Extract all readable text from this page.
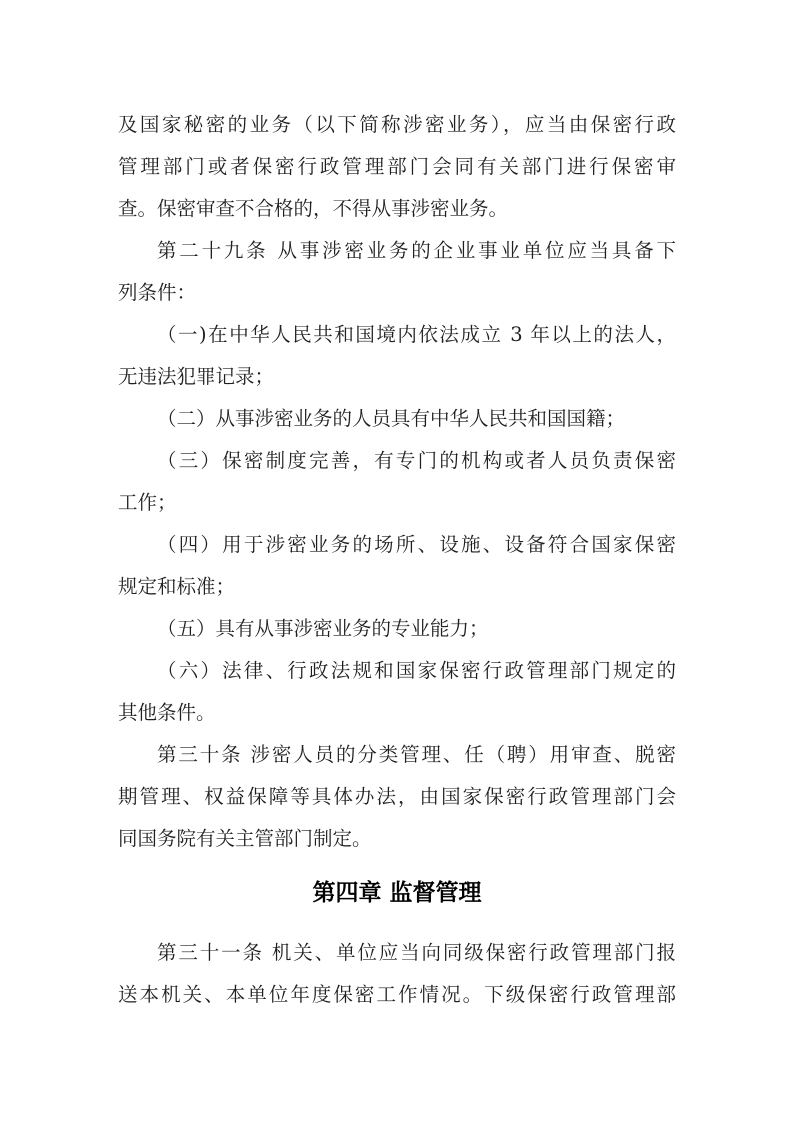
及国家秘密的业务（以下简称涉密业务），应当由保密行政
管理部门或者保密行政管理部门会同有关部门进行保密审
查。保密审查不合格的，不得从事涉密业务。
第二十九条 从事涉密业务的企业事业单位应当具备下
列条件：
（一)在中华人民共和国境内依法成立 3 年以上的法人，
无违法犯罪记录；
（二）从事涉密业务的人员具有中华人民共和国国籍；
（三）保密制度完善，有专门的机构或者人员负责保密
工作；
（四）用于涉密业务的场所、设施、设备符合国家保密
规定和标准；
（五）具有从事涉密业务的专业能力；
（六）法律、行政法规和国家保密行政管理部门规定的
其他条件。
第三十条 涉密人员的分类管理、任（聘）用审查、脱密
期管理、权益保障等具体办法，由国家保密行政管理部门会
同国务院有关主管部门制定。
第四章 监督管理
第三十一条 机关、单位应当向同级保密行政管理部门报
送本机关、本单位年度保密工作情况。下级保密行政管理部
